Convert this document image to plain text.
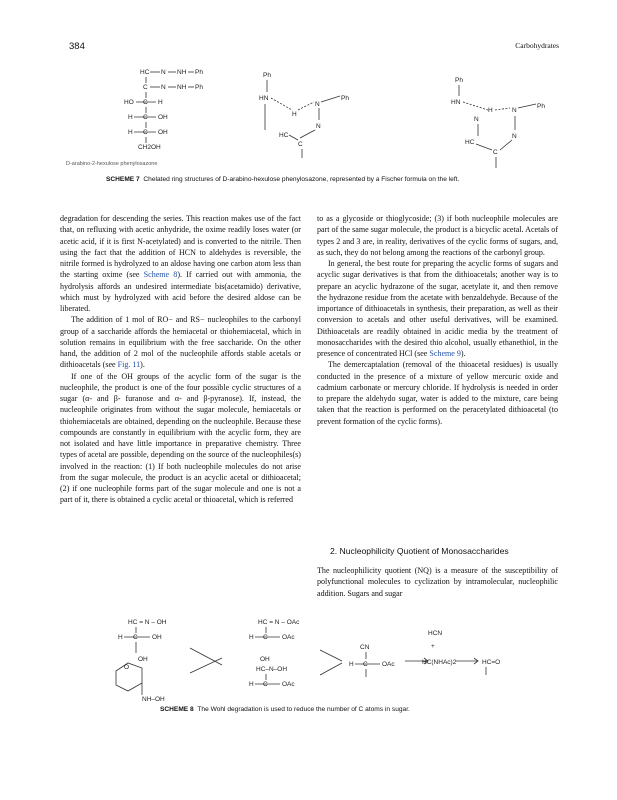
384	Carbohydrates
HC N NH Ph
C N NH Ph
HO C H
H C OH
H C OH
CH2OH
D-arabino-2-hexulose phenylosazone
Ph
HN
H
N
Ph
N
HC
C
Ph
HN
H	N
Ph
N
N
HC
C
SCHEME 7 Chelated ring structures of D-arabino-hexulose phenylosazone, represented by a Fischer formula on the left.

degradation for descending the series. This reaction makes use of the fact that, on refluxing with acetic anhydride, the oxime readily loses water (or acetic acid, if it is first N-acetylated) and is converted to the nitrile. Then using the fact that the addition of HCN to aldehydes is reversible, the nitrile formed is hydrolyzed to an aldose having one carbon atom less than the starting oxime (see Scheme 8). If carried out with ammonia, the hydrolysis affords an undesired intermediate bis(acetamido) derivative, which must by hydrolyzed with acid before the desired aldose can be liberated.

The addition of 1 mol of RO− and RS− nucleophiles to the carbonyl group of a saccharide affords the hemiacetal or thiohemiacetal, which in solution remains in equilibrium with the free saccharide. On the other hand, the addition of 2 mol of the nucleophile affords stable acetals or dithioacetals (see Fig. 11).

If one of the OH groups of the acyclic form of the sugar is the nucleophile, the product is one of the four possible cyclic structures of a sugar (α- and β- furanose and α- and β-pyranose). If, instead, the nucleophile originates from without the sugar molecule, hemiacetals or thiohemiacetals are obtained, depending on the nucleophile. Because these compounds are constantly in equilibrium with the acyclic form, they are not isolated and have little importance in preparative chemistry. Three types of acetal are possible, depending on the source of the nucleophiles(s) involved in the reaction: (1) If both nucleophile molecules do not arise from the sugar molecule, the product is an acyclic acetal or dithioacetal; (2) if one nucleophile forms part of the sugar molecule and one is not a part of it, there is obtained a cyclic acetal or thioacetal, which is referred

to as a glycoside or thioglycoside; (3) if both nucleophile molecules are part of the same sugar molecule, the product is a bicyclic acetal. Acetals of types 2 and 3 are, in reality, derivatives of the cyclic forms of sugars, and, as such, they do not belong among the reactions of the carbonyl group.

In general, the best route for preparing the acyclic forms of sugars and acyclic sugar derivatives is that from the dithioacetals; another way is to prepare an acyclic hydrazone of the sugar, acetylate it, and then remove the hydrazone residue from the acetate with benzaldehyde. Because of the importance of dithioacetals in synthesis, their preparation, as well as their conversion to acetals and other useful derivatives, will be examined. Dithioacetals are readily obtained in acidic media by the treatment of monosaccharides with the desired thio alcohol, usually ethanethiol, in the presence of concentrated HCl (see Scheme 9).

The demercaptalation (removal of the thioacetal residues) is usually conducted in the presence of a mixture of yellow mercuric oxide and cadmium carbonate or mercury chloride. If hydrolysis is needed in order to prepare the aldehydo sugar, water is added to the mixture, care being taken that the reaction is performed on the peracetylated dithioacetal (to prevent formation of the cyclic forms).

2. Nucleophilicity Quotient of Monosaccharides

The nucleophilicity quotient (NQ) is a measure of the susceptibility of polyfunctional molecules to cyclization by intramolecular, nucleophilic addition. Sugars and sugar

HC = N – OH
H C OH
OH
O
NH–OH
HC = N – OAc
H C OAc
OH
HC–N–OH
H C OAc
CN
H C OAc
HCN
+
HC(NHAc)2	HC=O
SCHEME 8 The Wohl degradation is used to reduce the number of C atoms in sugar.
